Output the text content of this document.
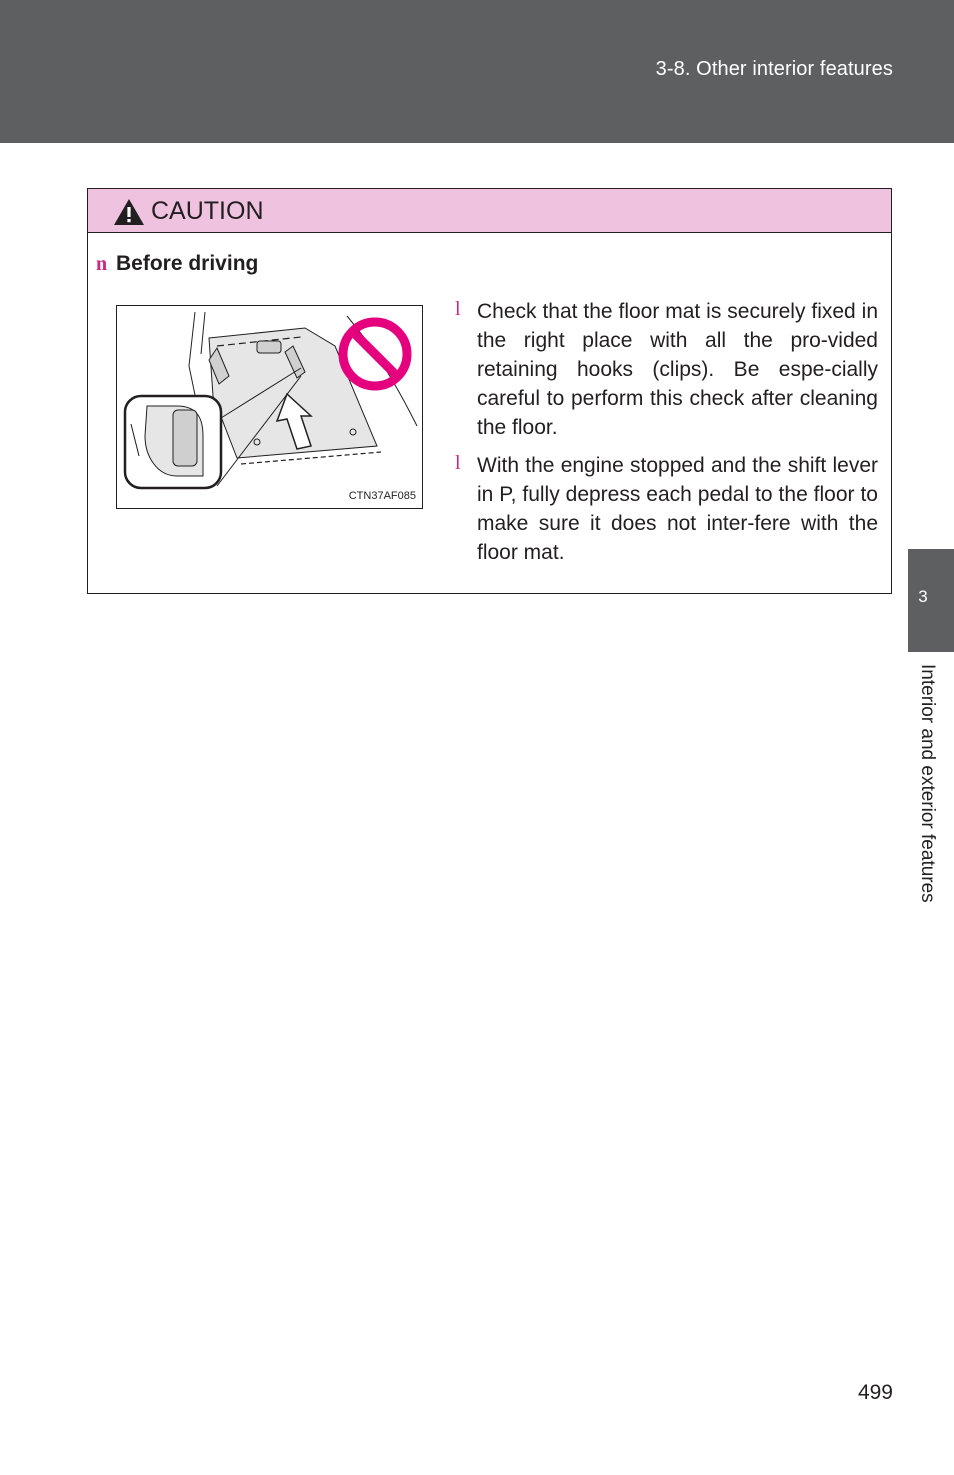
3-8. Other interior features
3
Interior and exterior features
CAUTION
n Before driving
CTN37AF085
l Check that the floor mat is securely fixed in the right place with all the pro-vided retaining hooks (clips). Be espe-cially careful to perform this check after cleaning the floor.
l With the engine stopped and the shift lever in P, fully depress each pedal to the floor to make sure it does not inter-fere with the floor mat.
499
